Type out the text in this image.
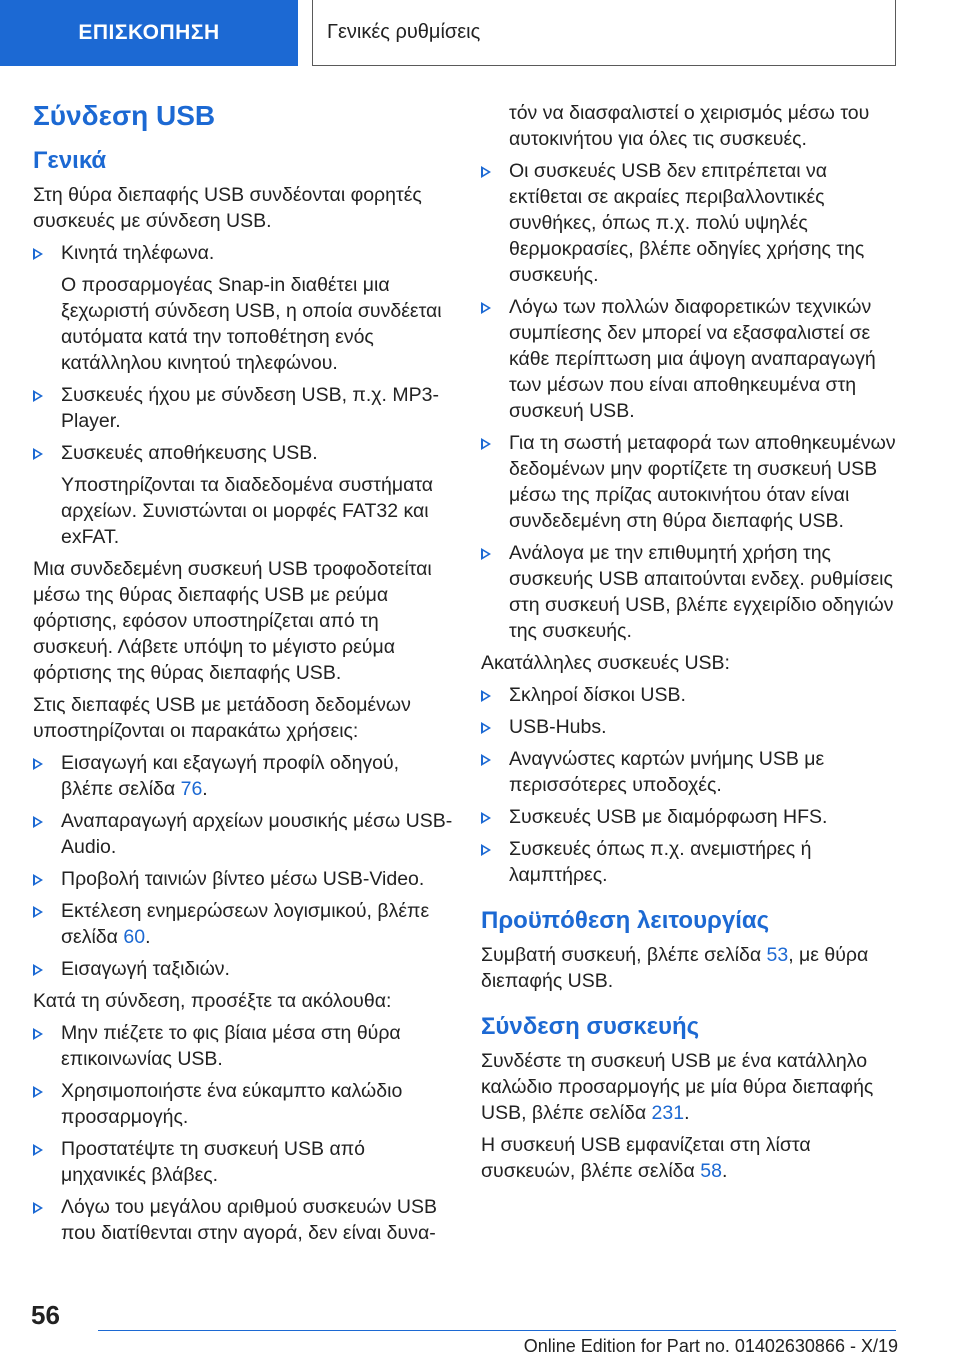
ΕΠΙΣΚΟΠΗΣΗ	Γενικές ρυθμίσεις
Σύνδεση USB
Γενικά

Στη θύρα διεπαφής USB συνδέονται φορητές συσκευές με σύνδεση USB.

Κινητά τηλέφωνα.

Ο προσαρμογέας Snap-in διαθέτει μια ξεχωριστή σύνδεση USB, η οποία συνδέεται αυτόματα κατά την τοποθέτηση ενός κατάλληλου κινητού τηλεφώνου.

Συσκευές ήχου με σύνδεση USB, π.χ. MP3-Player.
Συσκευές αποθήκευσης USB.

Υποστηρίζονται τα διαδεδομένα συστήματα αρχείων. Συνιστώνται οι μορφές FAT32 και exFAT.

Μια συνδεδεμένη συσκευή USB τροφοδοτείται μέσω της θύρας διεπαφής USB με ρεύμα φόρτισης, εφόσον υποστηρίζεται από τη συσκευή. Λάβετε υπόψη το μέγιστο ρεύμα φόρτισης της θύρας διεπαφής USB.

Στις διεπαφές USB με μετάδοση δεδομένων υποστηρίζονται οι παρακάτω χρήσεις:

Εισαγωγή και εξαγωγή προφίλ οδηγού, βλέπε σελίδα 76.
Αναπαραγωγή αρχείων μουσικής μέσω USB-Audio.
Προβολή ταινιών βίντεο μέσω USB-Video.
Εκτέλεση ενημερώσεων λογισμικού, βλέπε σελίδα 60.
Εισαγωγή ταξιδιών.

Κατά τη σύνδεση, προσέξτε τα ακόλουθα:

Μην πιέζετε το φις βίαια μέσα στη θύρα επικοινωνίας USB.
Χρησιμοποιήστε ένα εύκαμπτο καλώδιο προσαρμογής.
Προστατέψτε τη συσκευή USB από μηχανικές βλάβες.
Λόγω του μεγάλου αριθμού συσκευών USB που διατίθενται στην αγορά, δεν είναι δυνα-

τόν να διασφαλιστεί ο χειρισμός μέσω του αυτοκινήτου για όλες τις συσκευές.

Οι συσκευές USB δεν επιτρέπεται να εκτίθεται σε ακραίες περιβαλλοντικές συνθήκες, όπως π.χ. πολύ υψηλές θερμοκρασίες, βλέπε οδηγίες χρήσης της συσκευής.
Λόγω των πολλών διαφορετικών τεχνικών συμπίεσης δεν μπορεί να εξασφαλιστεί σε κάθε περίπτωση μια άψογη αναπαραγωγή των μέσων που είναι αποθηκευμένα στη συσκευή USB.
Για τη σωστή μεταφορά των αποθηκευμένων δεδομένων μην φορτίζετε τη συσκευή USB μέσω της πρίζας αυτοκινήτου όταν είναι συνδεδεμένη στη θύρα διεπαφής USB.
Ανάλογα με την επιθυμητή χρήση της συσκευής USB απαιτούνται ενδεχ. ρυθμίσεις στη συσκευή USB, βλέπε εγχειρίδιο οδηγιών της συσκευής.

Ακατάλληλες συσκευές USB:

Σκληροί δίσκοι USB.
USB-Hubs.
Αναγνώστες καρτών μνήμης USB με περισσότερες υποδοχές.
Συσκευές USB με διαμόρφωση HFS.
Συσκευές όπως π.χ. ανεμιστήρες ή λαμπτήρες.
Προϋπόθεση λειτουργίας

Συμβατή συσκευή, βλέπε σελίδα 53, με θύρα διεπαφής USB.

Σύνδεση συσκευής

Συνδέστε τη συσκευή USB με ένα κατάλληλο καλώδιο προσαρμογής με μία θύρα διεπαφής USB, βλέπε σελίδα 231.

Η συσκευή USB εμφανίζεται στη λίστα συσκευών, βλέπε σελίδα 58.

56
Online Edition for Part no. 01402630866 - X/19
